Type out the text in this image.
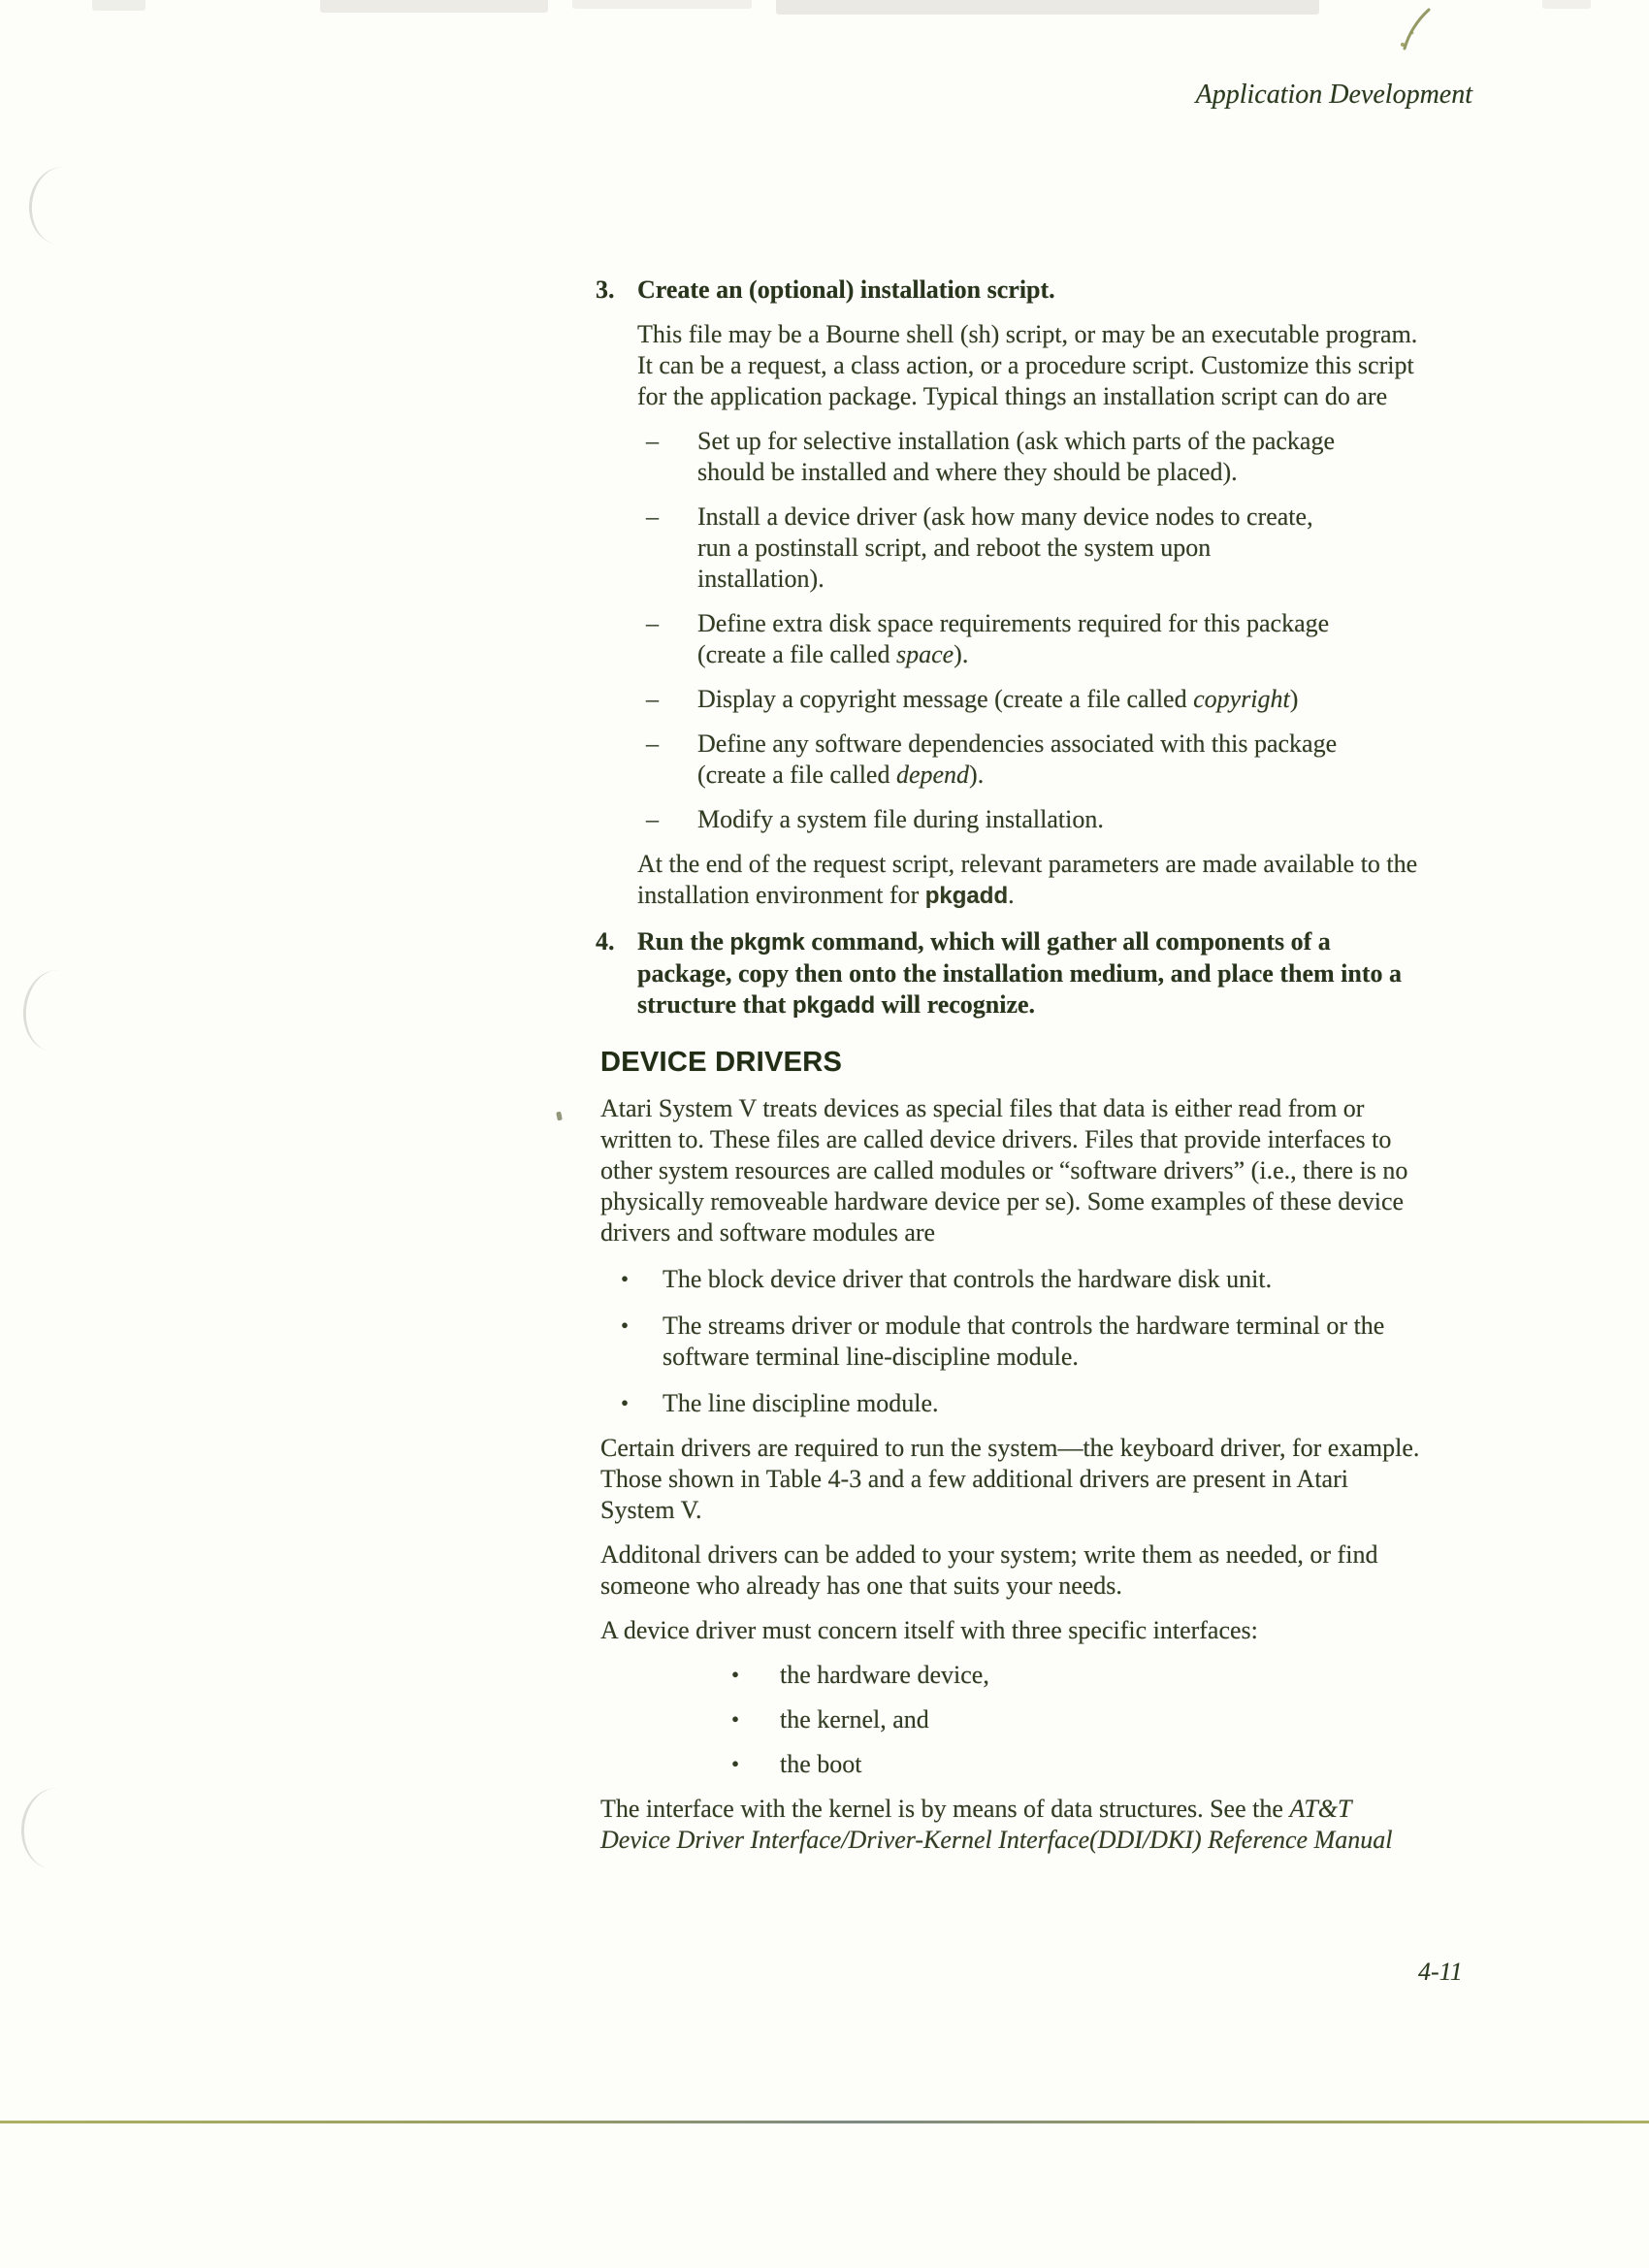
Application Development
3. Create an (optional) installation script.
This file may be a Bourne shell (sh) script, or may be an executable program.
It can be a request, a class action, or a procedure script. Customize this script
for the application package. Typical things an installation script can do are
–	Set up for selective installation (ask which parts of the package
should be installed and where they should be placed).
–	Install a device driver (ask how many device nodes to create,
run a postinstall script, and reboot the system upon
installation).
–	Define extra disk space requirements required for this package
(create a file called space).
–	Display a copyright message (create a file called copyright)
–	Define any software dependencies associated with this package
(create a file called depend).
–	Modify a system file during installation.
At the end of the request script, relevant parameters are made available to the
installation environment for pkgadd.
4. Run the pkgmk command, which will gather all components of a
package, copy then onto the installation medium, and place them into a
structure that pkgadd will recognize.
DEVICE DRIVERS
Atari System V treats devices as special files that data is either read from or
written to. These files are called device drivers. Files that provide interfaces to
other system resources are called modules or “software drivers” (i.e., there is no
physically removeable hardware device per se). Some examples of these device
drivers and software modules are
•	The block device driver that controls the hardware disk unit.
•	The streams driver or module that controls the hardware terminal or the
software terminal line-discipline module.
•	The line discipline module.
Certain drivers are required to run the system—the keyboard driver, for example.
Those shown in Table 4-3 and a few additional drivers are present in Atari
System V.
Additonal drivers can be added to your system; write them as needed, or find
someone who already has one that suits your needs.
A device driver must concern itself with three specific interfaces:
•	the hardware device,
•	the kernel, and
•	the boot
The interface with the kernel is by means of data structures. See the AT&T
Device Driver Interface/Driver-Kernel Interface(DDI/DKI) Reference Manual
4-11
